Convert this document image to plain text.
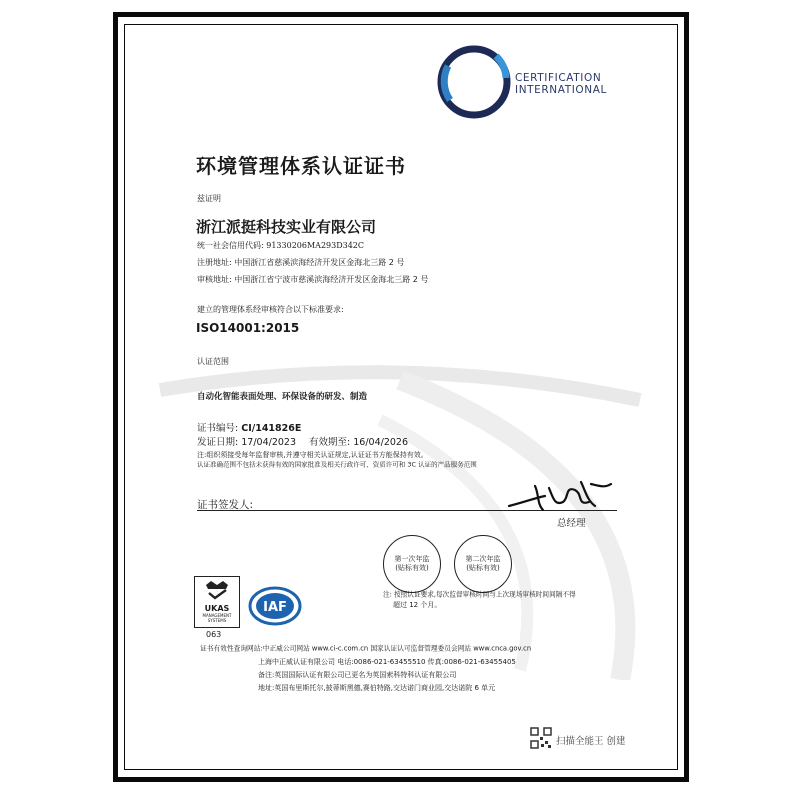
CERTIFICATION
INTERNATIONAL
环境管理体系认证证书
兹证明
浙江派挺科技实业有限公司
统一社会信用代码: 91330206MA293D342C
注册地址: 中国浙江省慈溪滨海经济开发区金海北三路 2 号
审核地址: 中国浙江省宁波市慈溪滨海经济开发区金海北三路 2 号
建立的管理体系经审核符合以下标准要求:
ISO14001:2015
认证范围
自动化智能表面处理、环保设备的研发、制造
证书编号: CI/141826E
发证日期: 17/04/2023 有效期至: 16/04/2026
注:组织须接受每年监督审核,并遵守相关认证规定,认证证书方能保持有效。
认证准确范围不包括未获得有效的国家批准及相关行政许可、资质许可和 3C 认证的产品服务范围
证书签发人:
总经理
第一次年监
(贴标有效)
第二次年监
(贴标有效)
注: 按照认证要求,每次监督审核时间与上次现场审核时间间隔不得
超过 12 个月。
UKAS
MANAGEMENT
SYSTEMS
063
IAF
证书有效性查询网站:中正威公司网站 www.ci-c.com.cn 国家认证认可监督管理委员会网站 www.cnca.gov.cn
上海中正威认证有限公司 电话:0086-021-63455510 传真:0086-021-63455405
备注:英国国际认证有限公司已更名为英国索科特科认证有限公司
地址:英国布里斯托尔,披蒂斯黑德,赛伯特路,交达诺门商业园,交达诺院 6 单元
扫描全能王 创建
